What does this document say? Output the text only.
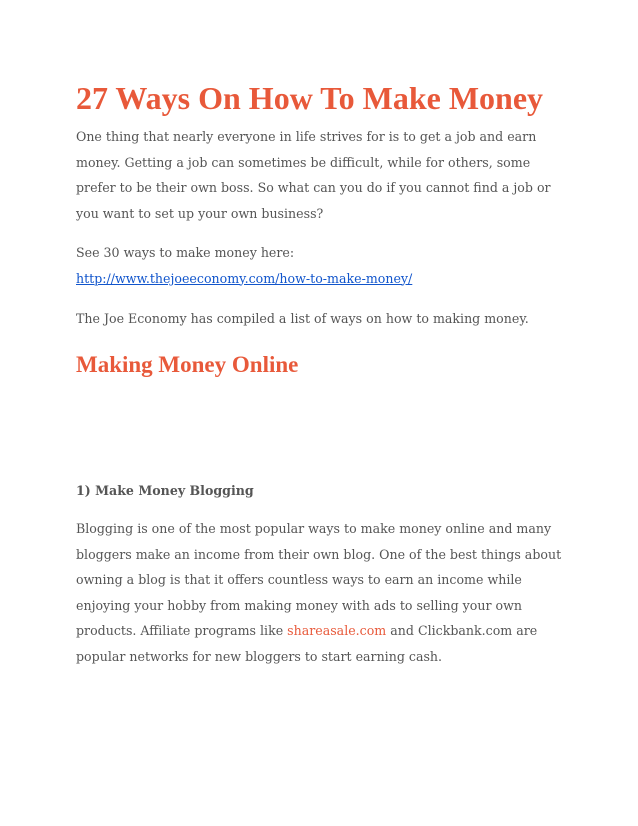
27 Ways On How To Make Money

One thing that nearly everyone in life strives for is to get a job and earn money. Getting a job can sometimes be difficult, while for others, some prefer to be their own boss. So what can you do if you cannot find a job or you want to set up your own business?

See 30 ways to make money here:
http://www.thejoeeconomy.com/how-to-make-money/

The Joe Economy has compiled a list of ways on how to making money.

Making Money Online
1) Make Money Blogging

Blogging is one of the most popular ways to make money online and many bloggers make an income from their own blog. One of the best things about owning a blog is that it offers countless ways to earn an income while enjoying your hobby from making money with ads to selling your own products. Affiliate programs like shareasale.com and Clickbank.com are popular networks for new bloggers to start earning cash.
